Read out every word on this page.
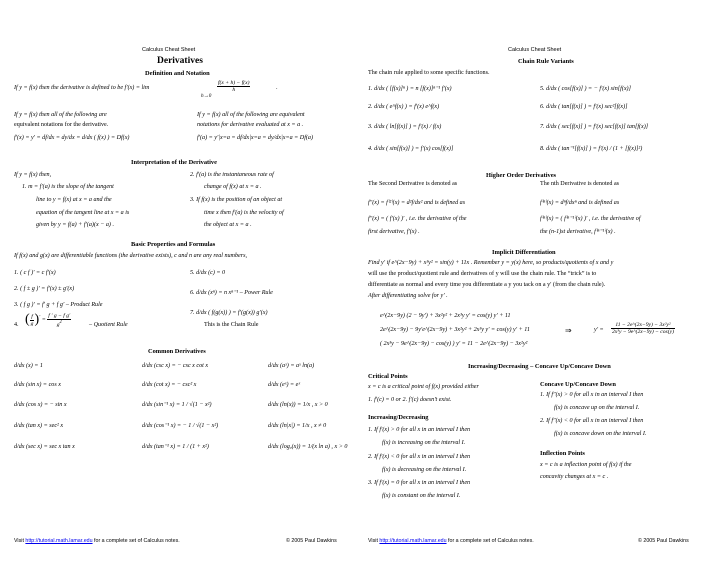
Calculus Cheat Sheet
Derivatives
Definition and Notation
If y = f(x) then the derivative is defined to be f′(x) = lim
h→0
$\frac{f(x + h) - f(x)}{h}$	.
If y = f(x) then all of the following are
equivalent notations for the derivative.
f′(x) = y′ = df/dx = dy/dx = d/dx ( f(x) ) = Df(x)
If y = f(x) all of the following are equivalent
notations for derivative evaluated at x = a .
f′(a) = y′|x=a = df/dx|x=a = dy/dx|x=a = Df(a)
Interpretation of the Derivative
If y = f(x) then,
1. m = f′(a) is the slope of the tangent
line to y = f(x) at x = a and the
equation of the tangent line at x = a is
given by y = f(a) + f′(a)(x − a) .
2. f′(a) is the instantaneous rate of
change of f(x) at x = a .
3. If f(x) is the position of an object at
time x then f′(a) is the velocity of
the object at x = a .
Basic Properties and Formulas
If f(x) and g(x) are differentiable functions (the derivative exists), c and n are any real numbers,
1. ( c f )′ = c f′(x)
2. ( f ± g )′ = f′(x) ± g′(x)
3. ( f g )′ = f′ g + f g′ – Product Rule
4. ( $\frac{f}{g} )' = \frac{\text{f ′ g − f g′}}{g^2}$	– Quotient Rule
5. d/dx (c) = 0
6. d/dx (xⁿ) = n xⁿ⁻¹ – Power Rule
7. d/dx ( f(g(x)) ) = f′(g(x)) g′(x)
This is the Chain Rule
Common Derivatives
d/dx (x) = 1	d/dx (csc x) = − csc x cot x	d/dx (aˣ) = aˣ ln(a)
d/dx (sin x) = cos x	d/dx (cot x) = − csc² x	d/dx (eˣ) = eˣ
d/dx (cos x) = − sin x	d/dx (sin⁻¹ x) = 1 / √(1 − x²)	d/dx (ln(x)) = 1/x , x > 0
d/dx (tan x) = sec² x	d/dx (cos⁻¹ x) = − 1 / √(1 − x²)	d/dx (ln|x|) = 1/x , x ≠ 0
d/dx (sec x) = sec x tan x	d/dx (tan⁻¹ x) = 1 / (1 + x²)	d/dx (logₐ(x)) = 1/(x ln a) , x > 0
Visit http://tutorial.math.lamar.edu for a complete set of Calculus notes.	© 2005 Paul Dawkins
Calculus Cheat Sheet
Chain Rule Variants
The chain rule applied to some specific functions.
1. d/dx ( [f(x)]ⁿ ) = n [f(x)]ⁿ⁻¹ f′(x)
2. d/dx ( e^f(x) ) = f′(x) e^f(x)
3. d/dx ( ln[f(x)] ) = f′(x) / f(x)
4. d/dx ( sin[f(x)] ) = f′(x) cos[f(x)]
5. d/dx ( cos[f(x)] ) = − f′(x) sin[f(x)]
6. d/dx ( tan[f(x)] ) = f′(x) sec²[f(x)]
7. d/dx ( sec[f(x)] ) = f′(x) sec[f(x)] tan[f(x)]
8. d/dx ( tan⁻¹[f(x)] ) = f′(x) / (1 + [f(x)]²)
Higher Order Derivatives
The Second Derivative is denoted as
f″(x) = f⁽²⁾(x) = d²f/dx² and is defined as
f″(x) = ( f′(x) )′ , i.e. the derivative of the
first derivative, f′(x) .
The nth Derivative is denoted as
f⁽ⁿ⁾(x) = dⁿf/dxⁿ and is defined as
f⁽ⁿ⁾(x) = ( f⁽ⁿ⁻¹⁾(x) )′ , i.e. the derivative of
the (n-1)st derivative, f⁽ⁿ⁻¹⁾(x) .
Implicit Differentiation
Find y′ if e^(2x−9y) + x³y² = sin(y) + 11x . Remember y = y(x) here, so products/quotients of x and y
will use the product/quotient rule and derivatives of y will use the chain rule. The “trick” is to
differentiate as normal and every time you differentiate a y you tack on a y′ (from the chain rule).
After differentiating solve for y′ .
e^(2x−9y) (2 − 9y′) + 3x²y² + 2x³y y′ = cos(y) y′ + 11
2e^(2x−9y) − 9y′e^(2x−9y) + 3x²y² + 2x³y y′ = cos(y) y′ + 11
( 2x³y − 9e^(2x−9y) − cos(y) ) y′ = 11 − 2e^(2x−9y) − 3x²y²
⇒	$y' = \frac{\text{11 − 2e\textasciicircum{}(2x−9y) − 3x²y²}}{\text{2x³y − 9e\textasciicircum{}(2x−9y) − cos(y)}}$
Increasing/Decreasing – Concave Up/Concave Down
Critical Points
x = c is a critical point of f(x) provided either
1. f′(c) = 0 or 2. f′(c) doesn’t exist.
Increasing/Decreasing
1. If f′(x) > 0 for all x in an interval I then
f(x) is increasing on the interval I.
2. If f′(x) < 0 for all x in an interval I then
f(x) is decreasing on the interval I.
3. If f′(x) = 0 for all x in an interval I then
f(x) is constant on the interval I.
Concave Up/Concave Down
1. If f″(x) > 0 for all x in an interval I then
f(x) is concave up on the interval I.
2. If f″(x) < 0 for all x in an interval I then
f(x) is concave down on the interval I.
Inflection Points
x = c is a inflection point of f(x) if the
concavity changes at x = c .
Visit http://tutorial.math.lamar.edu for a complete set of Calculus notes.	© 2005 Paul Dawkins
